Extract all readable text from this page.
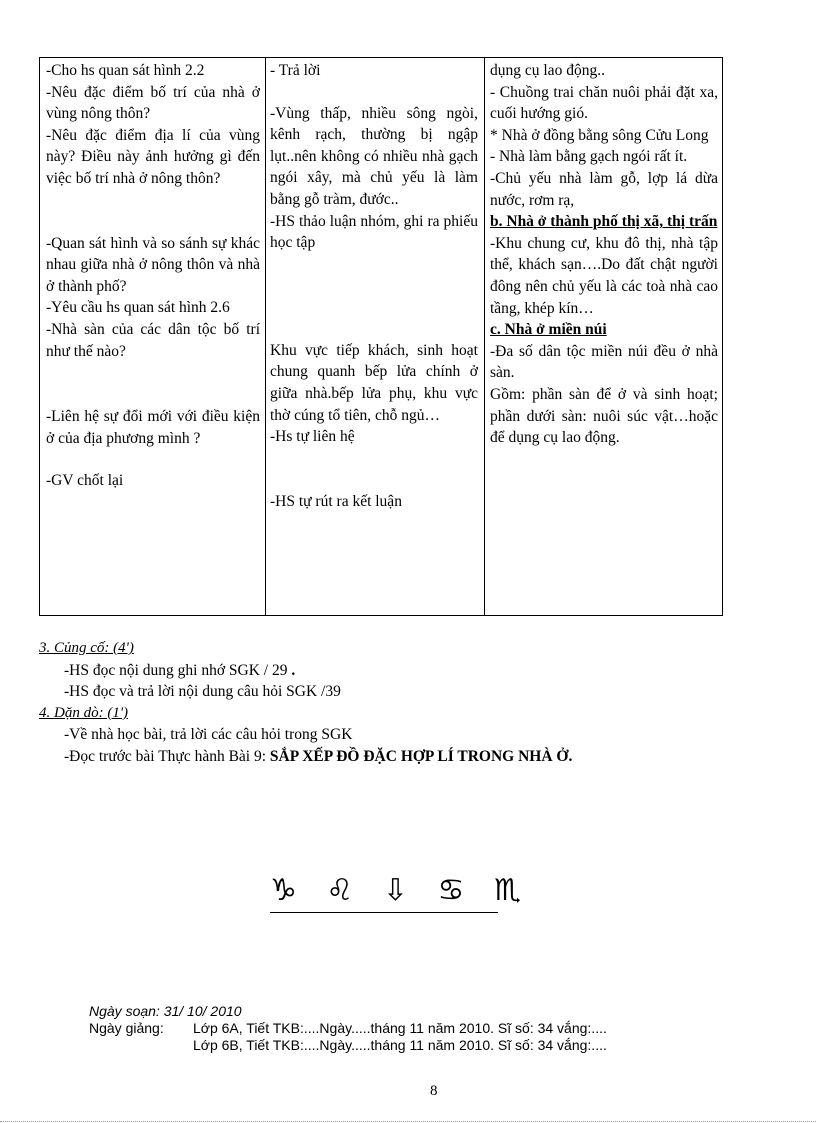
-Cho hs quan sát hình 2.2

-Nêu đặc điểm bố trí của nhà ở vùng nông thôn?

-Nêu đặc điểm địa lí của vùng này? Điều này ảnh hưởng gì đến việc bố trí nhà ở nông thôn?

-Quan sát hình và so sánh sự khác nhau giữa nhà ở nông thôn và nhà ở thành phố?

-Yêu cầu hs quan sát hình 2.6

-Nhà sàn của các dân tộc bố trí như thế nào?

-Liên hệ sự đổi mới với điều kiện ở của địa phương mình ?

-GV chốt lại

- Trả lời

-Vùng thấp, nhiều sông ngòi, kênh rạch, thường bị ngập lụt..nên không có nhiều nhà gạch ngói xây, mà chủ yếu là làm bằng gỗ tràm, đước..

-HS thảo luận nhóm, ghi ra phiếu học tập

Khu vực tiếp khách, sinh hoạt chung quanh bếp lửa chính ở giữa nhà.bếp lửa phụ, khu vực thờ cúng tổ tiên, chỗ ngủ…

-Hs tự liên hệ

-HS tự rút ra kết luận

dụng cụ lao động..

- Chuồng trai chăn nuôi phải đặt xa, cuối hướng gió.

* Nhà ở đồng bằng sông Cửu Long

- Nhà làm bằng gạch ngói rất ít.

-Chủ yếu nhà làm gỗ, lợp lá dừa nước, rơm rạ,

b. Nhà ở thành phố thị xã, thị trấn

-Khu chung cư, khu đô thị, nhà tập thể, khách sạn….Do đất chật người đông nên chủ yếu là các toà nhà cao tầng, khép kín…

c. Nhà ở miền núi

-Đa số dân tộc miền núi đều ở nhà sàn.

Gồm: phần sàn để ở và sinh hoạt; phần dưới sàn: nuôi súc vật…hoặc để dụng cụ lao động.

3. Củng cố: (4')
-HS đọc nội dung ghi nhớ SGK / 29 .
-HS đọc và trả lời nội dung câu hỏi SGK /39
4. Dặn dò: (1')
-Về nhà học bài, trả lời các câu hỏi trong SGK
-Đọc trước bài Thực hành Bài 9: SẮP XẾP ĐỒ ĐẶC HỢP LÍ TRONG NHÀ Ở.
♑ ♌ ⇩ ♋ ♏
Ngày soạn: 31/ 10/ 2010
Ngày giảng: Lớp 6A, Tiết TKB:....Ngày.....tháng 11 năm 2010. Sĩ số: 34 vắng:....
Lớp 6B, Tiết TKB:....Ngày.....tháng 11 năm 2010. Sĩ số: 34 vắng:....
8
